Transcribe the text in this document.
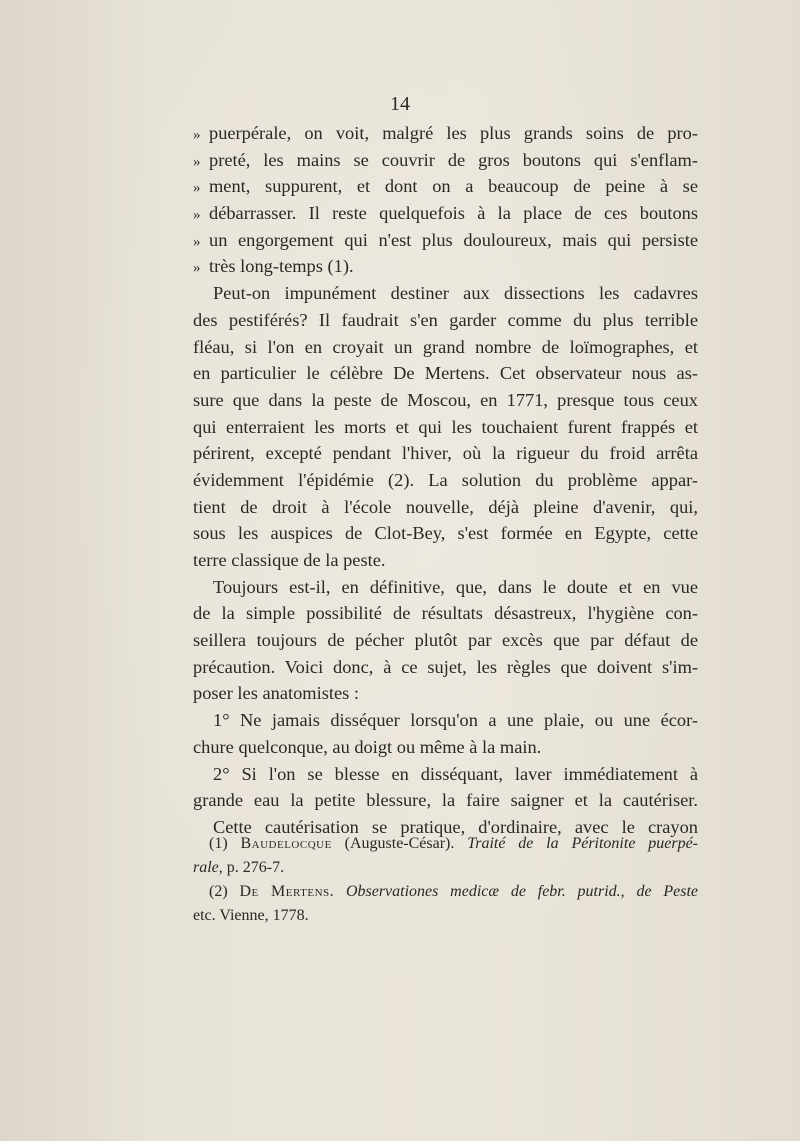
14
» puerpérale, on voit, malgré les plus grands soins de pro-
» preté, les mains se couvrir de gros boutons qui s'enflam-
» ment, suppurent, et dont on a beaucoup de peine à se
» débarrasser. Il reste quelquefois à la place de ces boutons
» un engorgement qui n'est plus douloureux, mais qui persiste
» très long-temps (1).
Peut-on impunément destiner aux dissections les cadavres
des pestiférés? Il faudrait s'en garder comme du plus terrible
fléau, si l'on en croyait un grand nombre de loïmographes, et
en particulier le célèbre De Mertens. Cet observateur nous as-
sure que dans la peste de Moscou, en 1771, presque tous ceux
qui enterraient les morts et qui les touchaient furent frappés et
périrent, excepté pendant l'hiver, où la rigueur du froid arrêta
évidemment l'épidémie (2). La solution du problème appar-
tient de droit à l'école nouvelle, déjà pleine d'avenir, qui,
sous les auspices de Clot-Bey, s'est formée en Egypte, cette
terre classique de la peste.
Toujours est-il, en définitive, que, dans le doute et en vue
de la simple possibilité de résultats désastreux, l'hygiène con-
seillera toujours de pécher plutôt par excès que par défaut de
précaution. Voici donc, à ce sujet, les règles que doivent s'im-
poser les anatomistes :
1° Ne jamais disséquer lorsqu'on a une plaie, ou une écor-
chure quelconque, au doigt ou même à la main.
2° Si l'on se blesse en disséquant, laver immédiatement à
grande eau la petite blessure, la faire saigner et la cautériser.
Cette cautérisation se pratique, d'ordinaire, avec le crayon
(1) Baudelocque (Auguste-César). Traité de la Péritonite puerpé-
rale, p. 276-7.
(2) De Mertens. Observationes medicæ de febr. putrid., de Peste
etc. Vienne, 1778.
